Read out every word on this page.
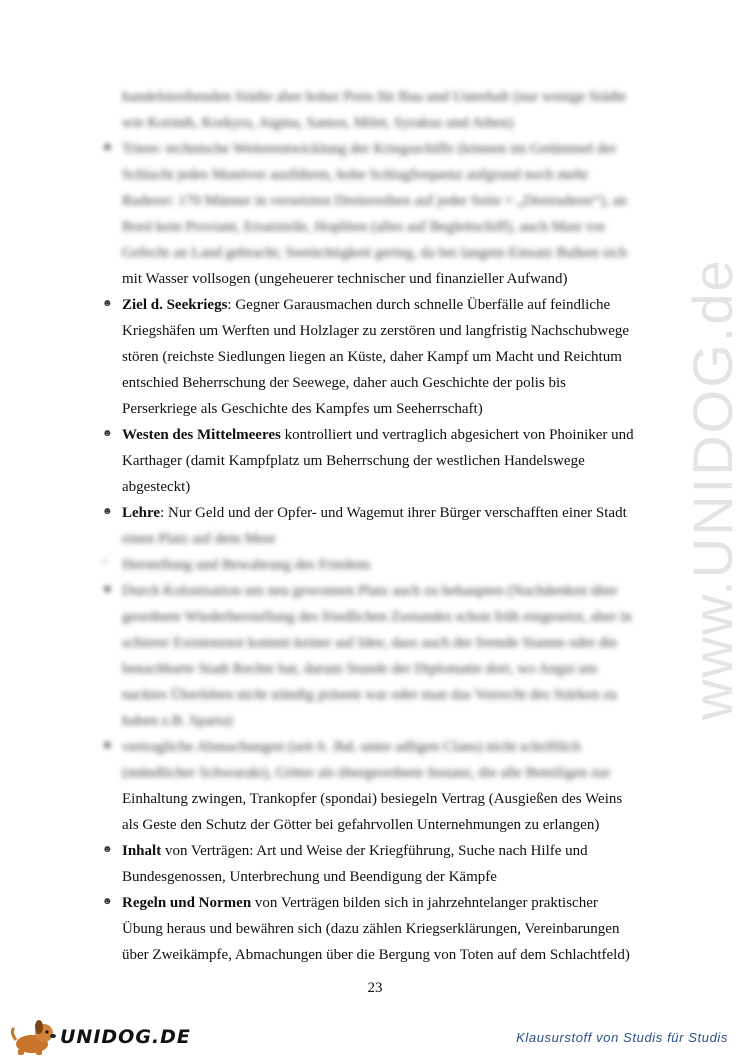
www.UNIDOG.de
handelstreibenden Städte aber hoher Preis für Bau und Unterhalt (nur wenige Städte
wie Korinth, Korkyra, Aigina, Samos, Milet, Syrakus und Athen)
☻ Triere: technische Weiterentwicklung der Kriegsschiffe (können im Getümmel der
Schlacht jedes Manöver ausführen, hohe Schlagfrequenz aufgrund noch mehr
Ruderer: 170 Männer in versetzten Dreierreihen auf jeder Seite = „Dreiruderer“), an
Bord kein Proviant, Ersatzteile, Hopliten (alles auf Begleitschiff), auch Mast vor
Gefecht an Land gebracht; Seetüchtigkeit gering, da bei langem Einsatz Balken sich
mit Wasser vollsogen (ungeheuerer technischer und finanzieller Aufwand)
☻ Ziel d. Seekriegs: Gegner Garausmachen durch schnelle Überfälle auf feindliche
Kriegshäfen um Werften und Holzlager zu zerstören und langfristig Nachschubwege
stören (reichste Siedlungen liegen an Küste, daher Kampf um Macht und Reichtum
entschied Beherrschung der Seewege, daher auch Geschichte der polis bis
Perserkriege als Geschichte des Kampfes um Seeherrschaft)
☻ Westen des Mittelmeeres kontrolliert und vertraglich abgesichert von Phoiniker und
Karthager (damit Kampfplatz um Beherrschung der westlichen Handelswege
abgesteckt)
☻ Lehre: Nur Geld und der Opfer- und Wagemut ihrer Bürger verschafften einer Stadt
einen Platz auf dem Meer
- Herstellung und Bewahrung des Friedens
☻ Durch Kolonisation um neu gewonnen Platz auch zu behaupten (Nachdenken über
geordnete Wiederherstellung des friedlichen Zustandes schon früh eingesetzt, aber in
schierer Existenznot kommt keiner auf Idee, dass auch der fremde Stamm oder die
benachbarte Stadt Rechte hat, darum Stunde der Diplomatie dort, wo Angst um
nacktes Überleben nicht ständig präsent war oder man das Vorrecht des Stärken zu
haben z.B. Sparta)
☻ vertragliche Abmachungen (seit 6. Jhd. unter adligen Clans) nicht schriftlich
(mündlicher Schwurakt), Götter als übergeordnete Instanz, die alle Beteiligen zur
Einhaltung zwingen, Trankopfer (spondai) besiegeln Vertrag (Ausgießen des Weins
als Geste den Schutz der Götter bei gefahrvollen Unternehmungen zu erlangen)
☻ Inhalt von Verträgen: Art und Weise der Kriegführung, Suche nach Hilfe und
Bundesgenossen, Unterbrechung und Beendigung der Kämpfe
☻ Regeln und Normen von Verträgen bilden sich in jahrzehntelanger praktischer
Übung heraus und bewähren sich (dazu zählen Kriegserklärungen, Vereinbarungen
über Zweikämpfe, Abmachungen über die Bergung von Toten auf dem Schlachtfeld)
23
UNIDOG.DE	Klausurstoff von Studis für Studis
